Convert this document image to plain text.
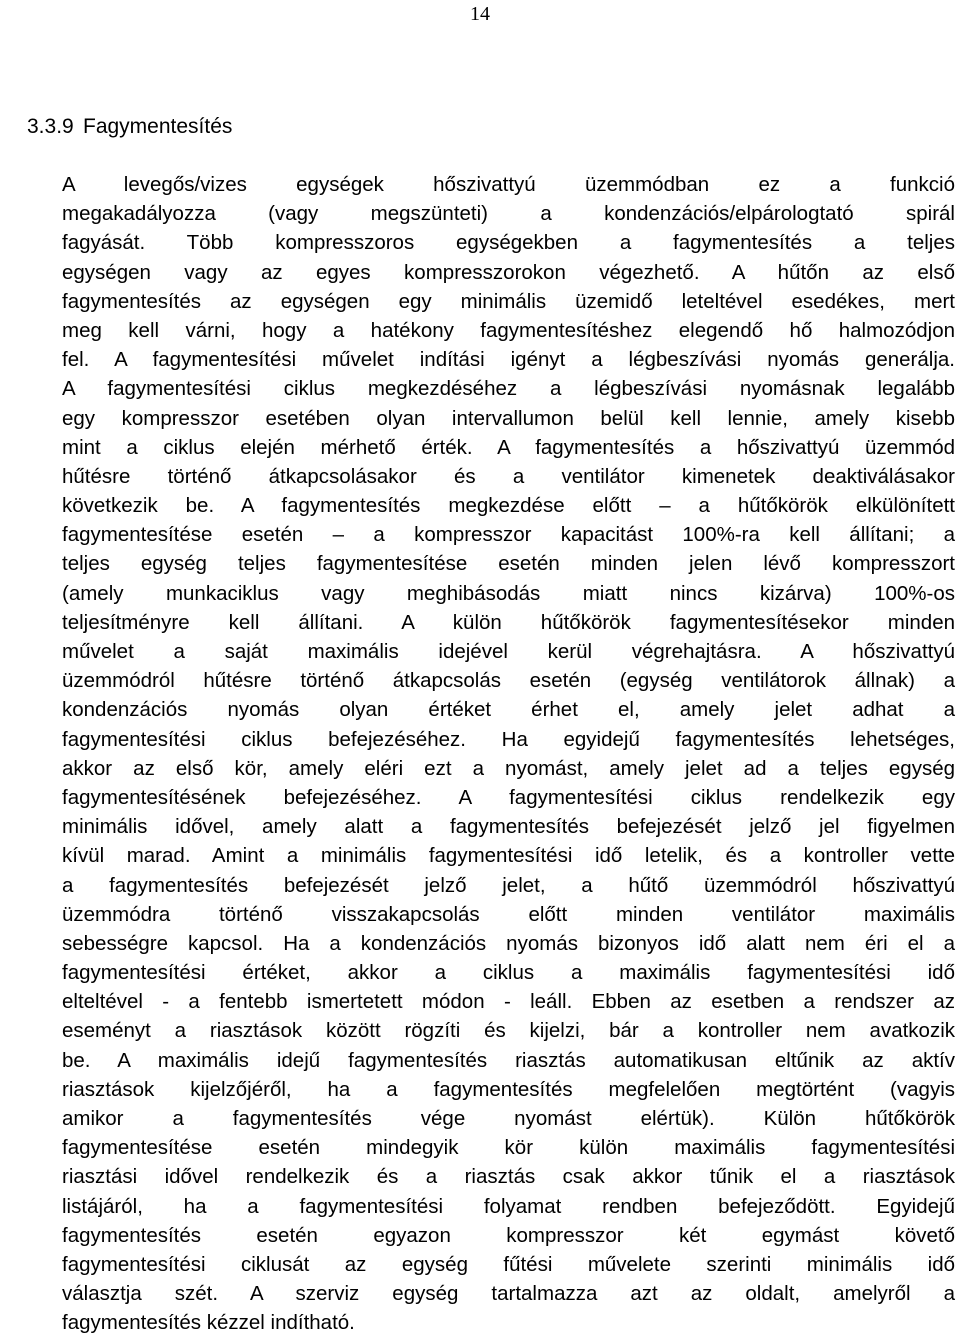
14
3.3.9 Fagymentesítés
A levegős/vizes egységek hőszivattyú üzemmódban ez a funkció
megakadályozza (vagy megszünteti) a kondenzációs/elpárologtató spirál
fagyását. Több kompresszoros egységekben a fagymentesítés a teljes
egységen vagy az egyes kompresszorokon végezhető. A hűtőn az első
fagymentesítés az egységen egy minimális üzemidő leteltével esedékes, mert
meg kell várni, hogy a hatékony fagymentesítéshez elegendő hő halmozódjon
fel. A fagymentesítési művelet indítási igényt a légbeszívási nyomás generálja.
A fagymentesítési ciklus megkezdéséhez a légbeszívási nyomásnak legalább
egy kompresszor esetében olyan intervallumon belül kell lennie, amely kisebb
mint a ciklus elején mérhető érték. A fagymentesítés a hőszivattyú üzemmód
hűtésre történő átkapcsolásakor és a ventilátor kimenetek deaktiválásakor
következik be. A fagymentesítés megkezdése előtt – a hűtőkörök elkülönített
fagymentesítése esetén – a kompresszor kapacitást 100%-ra kell állítani; a
teljes egység teljes fagymentesítése esetén minden jelen lévő kompresszort
(amely munkaciklus vagy meghibásodás miatt nincs kizárva) 100%-os
teljesítményre kell állítani. A külön hűtőkörök fagymentesítésekor minden
művelet a saját maximális idejével kerül végrehajtásra. A hőszivattyú
üzemmódról hűtésre történő átkapcsolás esetén (egység ventilátorok állnak) a
kondenzációs nyomás olyan értéket érhet el, amely jelet adhat a
fagymentesítési ciklus befejezéséhez. Ha egyidejű fagymentesítés lehetséges,
akkor az első kör, amely eléri ezt a nyomást, amely jelet ad a teljes egység
fagymentesítésének befejezéséhez. A fagymentesítési ciklus rendelkezik egy
minimális idővel, amely alatt a fagymentesítés befejezését jelző jel figyelmen
kívül marad. Amint a minimális fagymentesítési idő letelik, és a kontroller vette
a fagymentesítés befejezését jelző jelet, a hűtő üzemmódról hőszivattyú
üzemmódra történő visszakapcsolás előtt minden ventilátor maximális
sebességre kapcsol. Ha a kondenzációs nyomás bizonyos idő alatt nem éri el a
fagymentesítési értéket, akkor a ciklus a maximális fagymentesítési idő
elteltével - a fentebb ismertetett módon - leáll. Ebben az esetben a rendszer az
eseményt a riasztások között rögzíti és kijelzi, bár a kontroller nem avatkozik
be. A maximális idejű fagymentesítés riasztás automatikusan eltűnik az aktív
riasztások kijelzőjéről, ha a fagymentesítés megfelelően megtörtént (vagyis
amikor a fagymentesítés vége nyomást elértük). Külön hűtőkörök
fagymentesítése esetén mindegyik kör külön maximális fagymentesítési
riasztási idővel rendelkezik és a riasztás csak akkor tűnik el a riasztások
listájáról, ha a fagymentesítési folyamat rendben befejeződött. Egyidejű
fagymentesítés esetén egyazon kompresszor két egymást követő
fagymentesítési ciklusát az egység fűtési művelete szerinti minimális idő
választja szét. A szerviz egység tartalmazza azt az oldalt, amelyről a
fagymentesítés kézzel indítható.
